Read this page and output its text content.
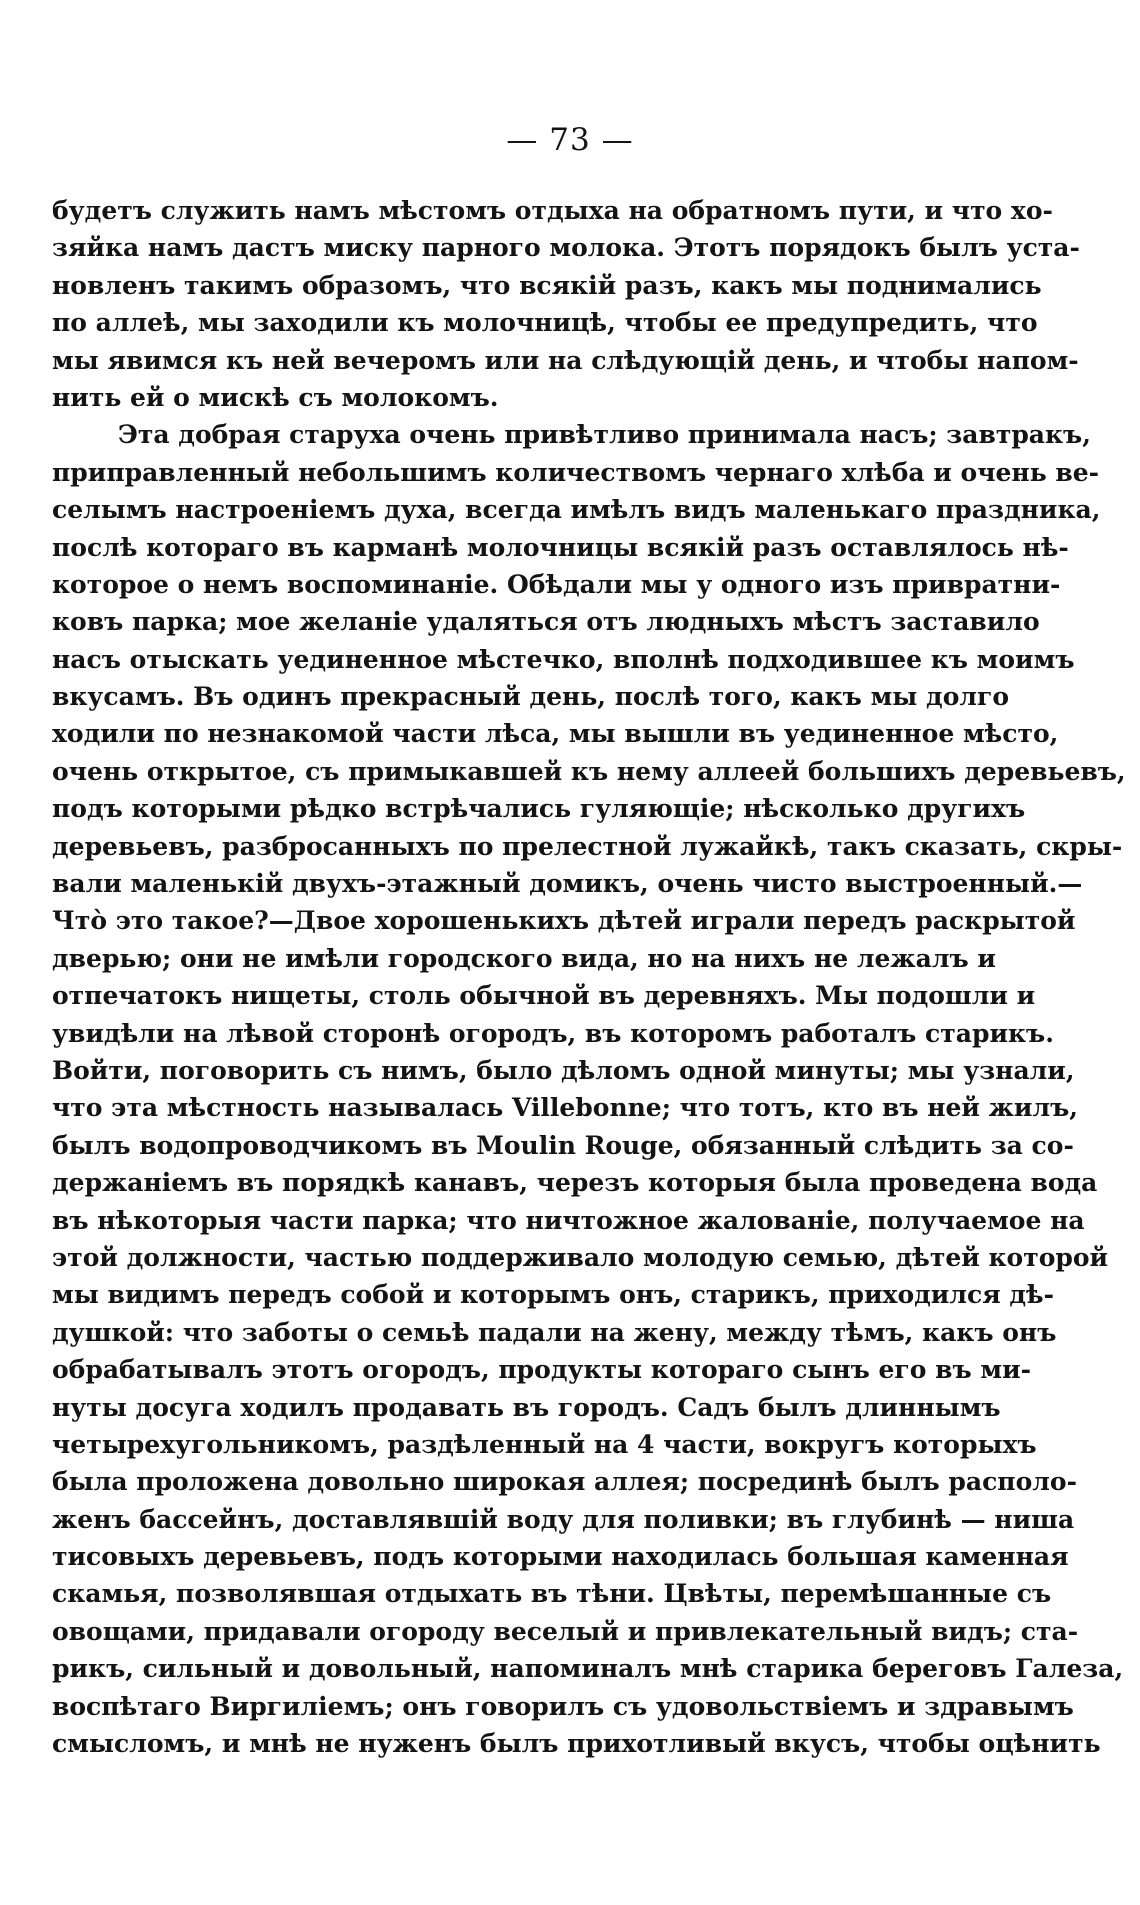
— 73 —
будетъ служить намъ мѣстомъ отдыха на обратномъ пути, и что хо-
зяйка намъ дастъ миску парного молока. Этотъ порядокъ былъ уста-
новленъ такимъ образомъ, что всякій разъ, какъ мы поднимались
по аллеѣ, мы заходили къ молочницѣ, чтобы ее предупредить, что
мы явимся къ ней вечеромъ или на слѣдующій день, и чтобы напом-
нить ей о мискѣ съ молокомъ.
Эта добрая старуха очень привѣтливо принимала насъ; завтракъ,
приправленный небольшимъ количествомъ чернаго хлѣба и очень ве-
селымъ настроеніемъ духа, всегда имѣлъ видъ маленькаго праздника,
послѣ котораго въ карманѣ молочницы всякій разъ оставлялось нѣ-
которое о немъ воспоминаніе. Обѣдали мы у одного изъ привратни-
ковъ парка; мое желаніе удаляться отъ людныхъ мѣстъ заставило
насъ отыскать уединенное мѣстечко, вполнѣ подходившее къ моимъ
вкусамъ. Въ одинъ прекрасный день, послѣ того, какъ мы долго
ходили по незнакомой части лѣса, мы вышли въ уединенное мѣсто,
очень открытое, съ примыкавшей къ нему аллеей большихъ деревьевъ,
подъ которыми рѣдко встрѣчались гуляющіе; нѣсколько другихъ
деревьевъ, разбросанныхъ по прелестной лужайкѣ, такъ сказать, скры-
вали маленькій двухъ-этажный домикъ, очень чисто выстроенный.—
Что̀ это такое?—Двое хорошенькихъ дѣтей играли передъ раскрытой
дверью; они не имѣли городского вида, но на нихъ не лежалъ и
отпечатокъ нищеты, столь обычной въ деревняхъ. Мы подошли и
увидѣли на лѣвой сторонѣ огородъ, въ которомъ работалъ старикъ.
Войти, поговорить съ нимъ, было дѣломъ одной минуты; мы узнали,
что эта мѣстность называлась Villebonne; что тотъ, кто въ ней жилъ,
былъ водопроводчикомъ въ Moulin Rouge, обязанный слѣдить за со-
держаніемъ въ порядкѣ канавъ, черезъ которыя была проведена вода
въ нѣкоторыя части парка; что ничтожное жалованіе, получаемое на
этой должности, частью поддерживало молодую семью, дѣтей которой
мы видимъ передъ собой и которымъ онъ, старикъ, приходился дѣ-
душкой: что заботы о семьѣ падали на жену, между тѣмъ, какъ онъ
обрабатывалъ этотъ огородъ, продукты котораго сынъ его въ ми-
нуты досуга ходилъ продавать въ городъ. Садъ былъ длиннымъ
четырехугольникомъ, раздѣленный на 4 части, вокругъ которыхъ
была проложена довольно широкая аллея; посрединѣ былъ располо-
женъ бассейнъ, доставлявшій воду для поливки; въ глубинѣ — ниша
тисовыхъ деревьевъ, подъ которыми находилась большая каменная
скамья, позволявшая отдыхать въ тѣни. Цвѣты, перемѣшанные съ
овощами, придавали огороду веселый и привлекательный видъ; ста-
рикъ, сильный и довольный, напоминалъ мнѣ старика береговъ Галеза,
воспѣтаго Виргиліемъ; онъ говорилъ съ удовольствіемъ и здравымъ
смысломъ, и мнѣ не нуженъ былъ прихотливый вкусъ, чтобы оцѣнить
